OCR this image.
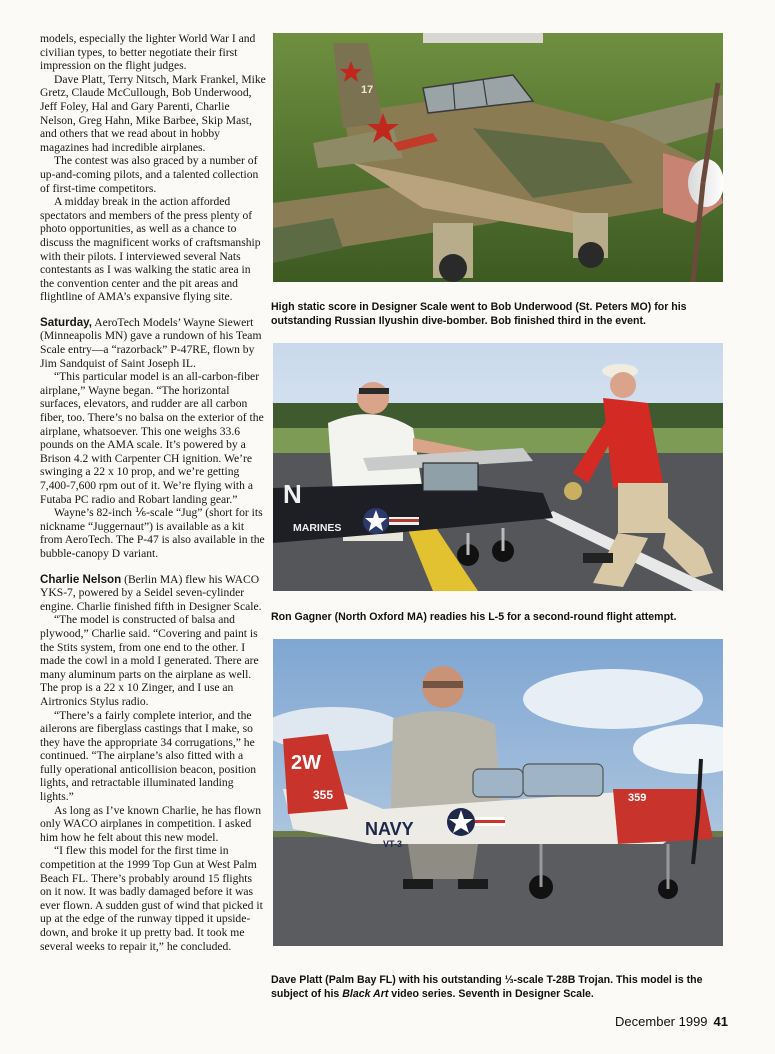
models, especially the lighter World War I and civilian types, to better negotiate their first impression on the flight judges.

Dave Platt, Terry Nitsch, Mark Frankel, Mike Gretz, Claude McCullough, Bob Underwood, Jeff Foley, Hal and Gary Parenti, Charlie Nelson, Greg Hahn, Mike Barbee, Skip Mast, and others that we read about in hobby magazines had incredible airplanes.

The contest was also graced by a number of up-and-coming pilots, and a talented collection of first-time competitors.

A midday break in the action afforded spectators and members of the press plenty of photo opportunities, as well as a chance to discuss the magnificent works of craftsmanship with their pilots. I interviewed several Nats contestants as I was walking the static area in the convention center and the pit areas and flightline of AMA’s expansive flying site.

Saturday, AeroTech Models’ Wayne Siewert (Minneapolis MN) gave a rundown of his Team Scale entry—a “razorback” P-47RE, flown by Jim Sandquist of Saint Joseph IL.

“This particular model is an all-carbon-fiber airplane,” Wayne began. “The horizontal surfaces, elevators, and rudder are all carbon fiber, too. There’s no balsa on the exterior of the airplane, whatsoever. This one weighs 33.6 pounds on the AMA scale. It’s powered by a Brison 4.2 with Carpenter CH ignition. We’re swinging a 22 x 10 prop, and we’re getting 7,400-7,600 rpm out of it. We’re flying with a Futaba PC radio and Robart landing gear.”

Wayne’s 82-inch ⅙-scale “Jug” (short for its nickname “Juggernaut”) is available as a kit from AeroTech. The P-47 is also available in the bubble-canopy D variant.

Charlie Nelson (Berlin MA) flew his WACO YKS-7, powered by a Seidel seven-cylinder engine. Charlie finished fifth in Designer Scale.

“The model is constructed of balsa and plywood,” Charlie said. “Covering and paint is the Stits system, from one end to the other. I made the cowl in a mold I generated. There are many aluminum parts on the airplane as well. The prop is a 22 x 10 Zinger, and I use an Airtronics Stylus radio.

“There’s a fairly complete interior, and the ailerons are fiberglass castings that I make, so they have the appropriate 34 corrugations,” he continued. “The airplane’s also fitted with a fully operational anticollision beacon, position lights, and retractable illuminated landing lights.”

As long as I’ve known Charlie, he has flown only WACO airplanes in competition. I asked him how he felt about this new model.

“I flew this model for the first time in competition at the 1999 Top Gun at West Palm Beach FL. There’s probably around 15 flights on it now. It was badly damaged before it was ever flown. A sudden gust of wind that picked it up at the edge of the runway tipped it upside-down, and broke it up pretty bad. It took me several weeks to repair it,” he concluded.

17
High static score in Designer Scale went to Bob Underwood (St. Peters MO) for his outstanding Russian Ilyushin dive-bomber. Bob finished third in the event.
N
MARINES
Ron Gagner (North Oxford MA) readies his L-5 for a second-round flight attempt.
2W
355	359
NAVY
VT-3
Dave Platt (Palm Bay FL) with his outstanding ⅓-scale T-28B Trojan. This model is the subject of his Black Art video series. Seventh in Designer Scale.
December 1999 41
